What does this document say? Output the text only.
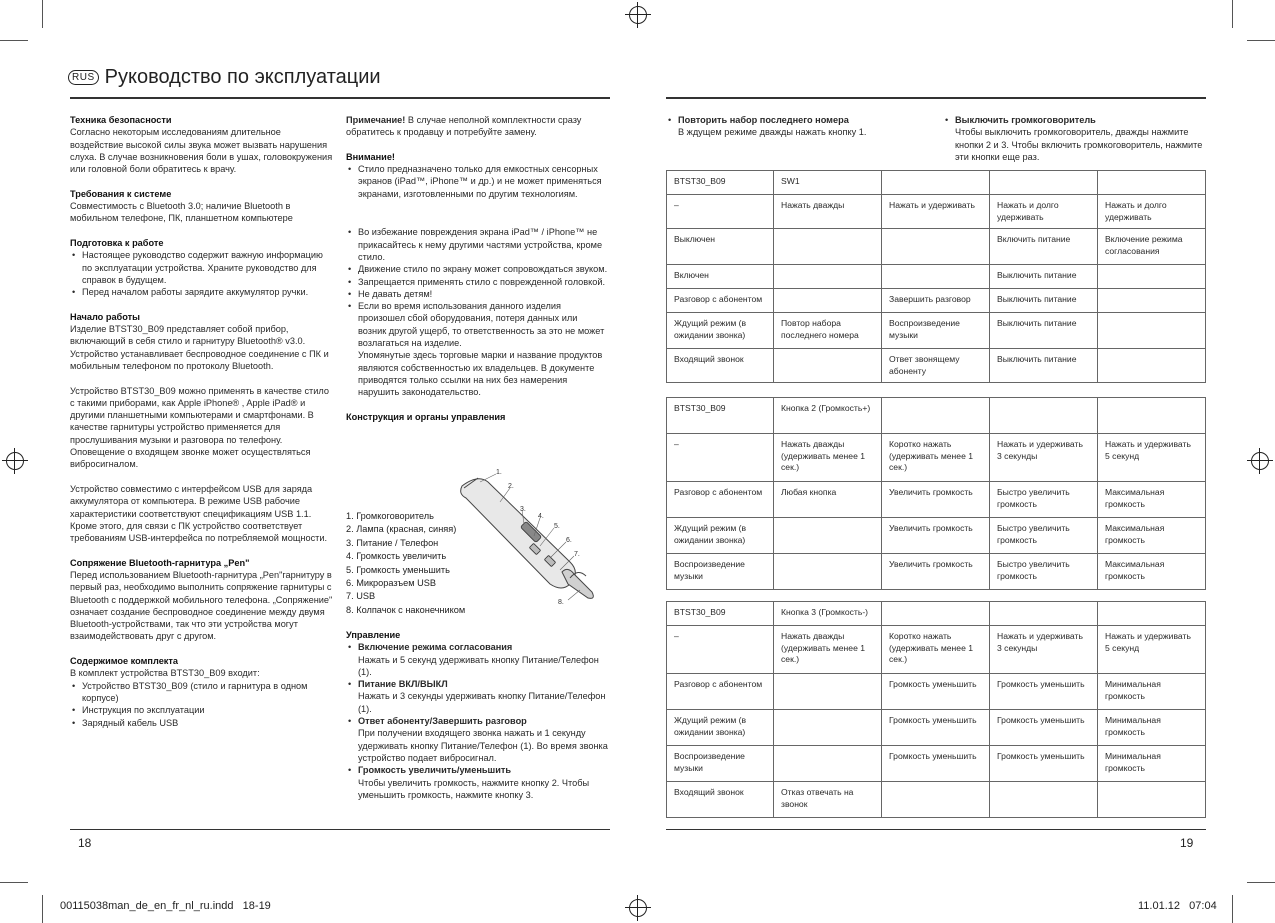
RUS Руководство по эксплуатации
Техника безопасности

Согласно некоторым исследованиям длительное воздействие высокой силы звука может вызвать нарушения слуха. В случае возникновения боли в ушах, головокружения или головной боли обратитесь к врачу.

Требования к системе

Совместимость с Bluetooth 3.0; наличие Bluetooth в мобильном телефоне, ПК, планшетном компьютере

Подготовка к работе
• Настоящее руководство содержит важную информацию по эксплуатации устройства. Храните руководство для справок в будущем.
• Перед началом работы зарядите аккумулятор ручки.
Начало работы

Изделие BTST30_B09 представляет собой прибор, включающий в себя стило и гарнитуру Bluetooth® v3.0. Устройство устанавливает беспроводное соединение с ПК и мобильным телефоном по протоколу Bluetooth.

Устройство BTST30_B09 можно применять в качестве стило с такими приборами, как Apple iPhone® , Apple iPad® и другими планшетными компьютерами и смартфонами. В качестве гарнитуры устройство применяется для прослушивания музыки и разговора по телефону. Оповещение о входящем звонке может осуществляться вибросигналом.

Устройство совместимо с интерфейсом USB для заряда аккумулятора от компьютера. В режиме USB рабочие характеристики соответствуют спецификациям USB 1.1. Кроме этого, для связи с ПК устройство соответствует требованиям USB-интерфейса по потребляемой мощности.

Сопряжение Bluetooth-гарнитура „Pen"

Перед использованием Bluetooth-гарнитура „Pen"гарнитуру в первый раз, необходимо выполнить сопряжение гарнитуры с Bluetooth с поддержкой мобильного телефона. „Сопряжение" означает создание беспроводное соединение между двумя Bluetooth-устройствами, так что эти устройства могут взаимодействовать друг с другом.

Содержимое комплекта

В комплект устройства BTST30_B09 входит:

• Устройство BTST30_B09 (стило и гарнитура в одном корпусе)
• Инструкция по эксплуатации
• Зарядный кабель USB

Примечание! В случае неполной комплектности сразу обратитесь к продавцу и потребуйте замену.

Внимание!
• Стило предназначено только для емкостных сенсорных экранов (iPad™, iPhone™ и др.) и не может применяться экранами, изготовленными по другим технологиям.
• Во избежание повреждения экрана iPad™ / iPhone™ не прикасайтесь к нему другими частями устройства, кроме стило.
• Движение стило по экрану может сопровождаться звуком.
• Запрещается применять стило с поврежденной головкой.
• Не давать детям!
• Если во время использования данного изделия произошел сбой оборудования, потеря данных или возник другой ущерб, то ответственность за это не может возлагаться на изделие.

Упомянутые здесь торговые марки и название продуктов являются собственностью их владельцев. В документе приводятся только ссылки на них без намерения нарушить законодательство.

Конструкция и органы управления
1. Громкоговоритель
2. Лампа (красная, синяя)
3. Питание / Телефон
4. Громкость увеличить
5. Громкость уменьшить
6. Микроразъем USB
7. USB
8. Колпачок с наконечником
1.
2.
3.
4.
5.
6.
7.
8.
Управление
• Включение режима согласования
Нажать и 5 секунд удерживать кнопку Питание/Телефон (1).
• Питание ВКЛ/ВЫКЛ
Нажать и 3 секунды удерживать кнопку Питание/Телефон (1).
• Ответ абоненту/Завершить разговор
При получении входящего звонка нажать и 1 секунду удерживать кнопку Питание/Телефон (1). Во время звонка устройство подает вибросигнал.
• Громкость увеличить/уменьшить
Чтобы увеличить громкость, нажмите кнопку 2. Чтобы уменьшить громкость, нажмите кнопку 3.
• Повторить набор последнего номера
В ждущем режиме дважды нажать кнопку 1.
• Выключить громкоговоритель
Чтобы выключить громкоговоритель, дважды нажмите кнопки 2 и 3. Чтобы включить громкоговоритель, нажмите эти кнопки еще раз.
BTST30_B09	SW1			
–	Нажать дважды	Нажать и удерживать	Нажать и долго удерживать	Нажать и долго удерживать
Выключен			Включить питание	Включение режима согласования
Включен			Выключить питание	
Разговор с абонентом		Завершить разговор	Выключить питание	
Ждущий режим (в ожидании звонка)	Повтор набора последнего номера	Воспроизведение музыки	Выключить питание	
Входящий звонок		Ответ звонящему абоненту	Выключить питание	
BTST30_B09	Кнопка 2 (Громкость+)			
–	Нажать дважды (удерживать менее 1 сек.)	Коротко нажать (удерживать менее 1 сек.)	Нажать и удерживать 3 секунды	Нажать и удерживать 5 секунд
Разговор с абонентом	Любая кнопка	Увеличить громкость	Быстро увеличить громкость	Максимальная громкость
Ждущий режим (в ожидании звонка)		Увеличить громкость	Быстро увеличить громкость	Максимальная громкость
Воспроизведение музыки		Увеличить громкость	Быстро увеличить громкость	Максимальная громкость
BTST30_B09	Кнопка 3 (Громкость-)			
–	Нажать дважды (удерживать менее 1 сек.)	Коротко нажать (удерживать менее 1 сек.)	Нажать и удерживать 3 секунды	Нажать и удерживать 5 секунд
Разговор с абонентом		Громкость уменьшить	Громкость уменьшить	Минимальная громкость
Ждущий режим (в ожидании звонка)		Громкость уменьшить	Громкость уменьшить	Минимальная громкость
Воспроизведение музыки		Громкость уменьшить	Громкость уменьшить	Минимальная громкость
Входящий звонок	Отказ отвечать на звонок			
18	19
00115038man_de_en_fr_nl_ru.indd   18-19	11.01.12   07:04
